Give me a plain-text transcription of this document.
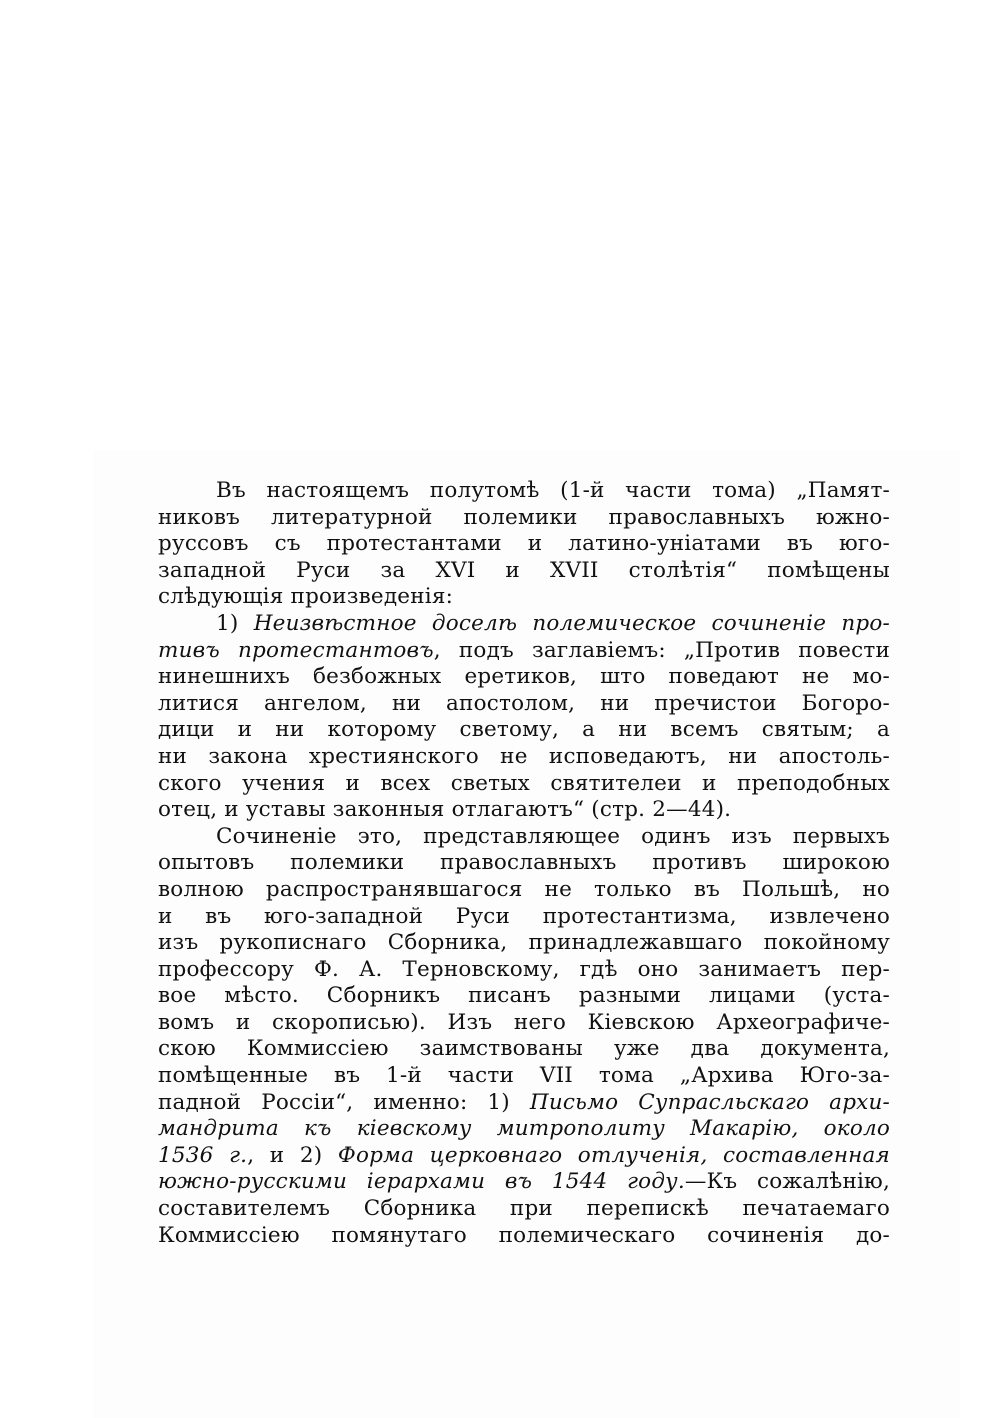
Въ настоящемъ полутомѣ (1-й части тома) „Памят-
никовъ литературной полемики православныхъ южно-
руссовъ съ протестантами и латино-уніатами въ юго-
западной Руси за XVI и XVII столѣтія“ помѣщены
слѣдующія произведенія:
1) Неизвѣстное доселѣ полемическое сочиненіе про-
тивъ протестантовъ, подъ заглавіемъ: „Против повести
нинешнихъ безбожных еретиков, што поведают не мо-
литися ангелом, ни апостолом, ни пречистои Богоро-
дици и ни которому светому, а ни всемъ святым; а
ни закона хрестиянского не исповедаютъ, ни апостоль-
ского учения и всех светых святителеи и преподобных
отец, и уставы законныя отлагаютъ“ (стр. 2—44).
Сочиненіе это, представляющее одинъ изъ первыхъ
опытовъ полемики православныхъ противъ широкою
волною распространявшагося не только въ Польшѣ, но
и въ юго-западной Руси протестантизма, извлечено
изъ рукописнаго Сборника, принадлежавшаго покойному
профессору Ф. А. Терновскому, гдѣ оно занимаетъ пер-
вое мѣсто. Сборникъ писанъ разными лицами (уста-
вомъ и скорописью). Изъ него Кіевскою Археографиче-
скою Коммиссіею заимствованы уже два документа,
помѣщенные въ 1-й части VII тома „Архива Юго-за-
падной Россіи“, именно: 1) Письмо Супрасльскаго архи-
мандрита къ кіевскому митрополиту Макарію, около
1536 г., и 2) Форма церковнаго отлученія, составленная
южно-русскими іерархами въ 1544 году.—Къ сожалѣнію,
составителемъ Сборника при перепискѣ печатаемаго
Коммиссіею помянутаго полемическаго сочиненія до-
